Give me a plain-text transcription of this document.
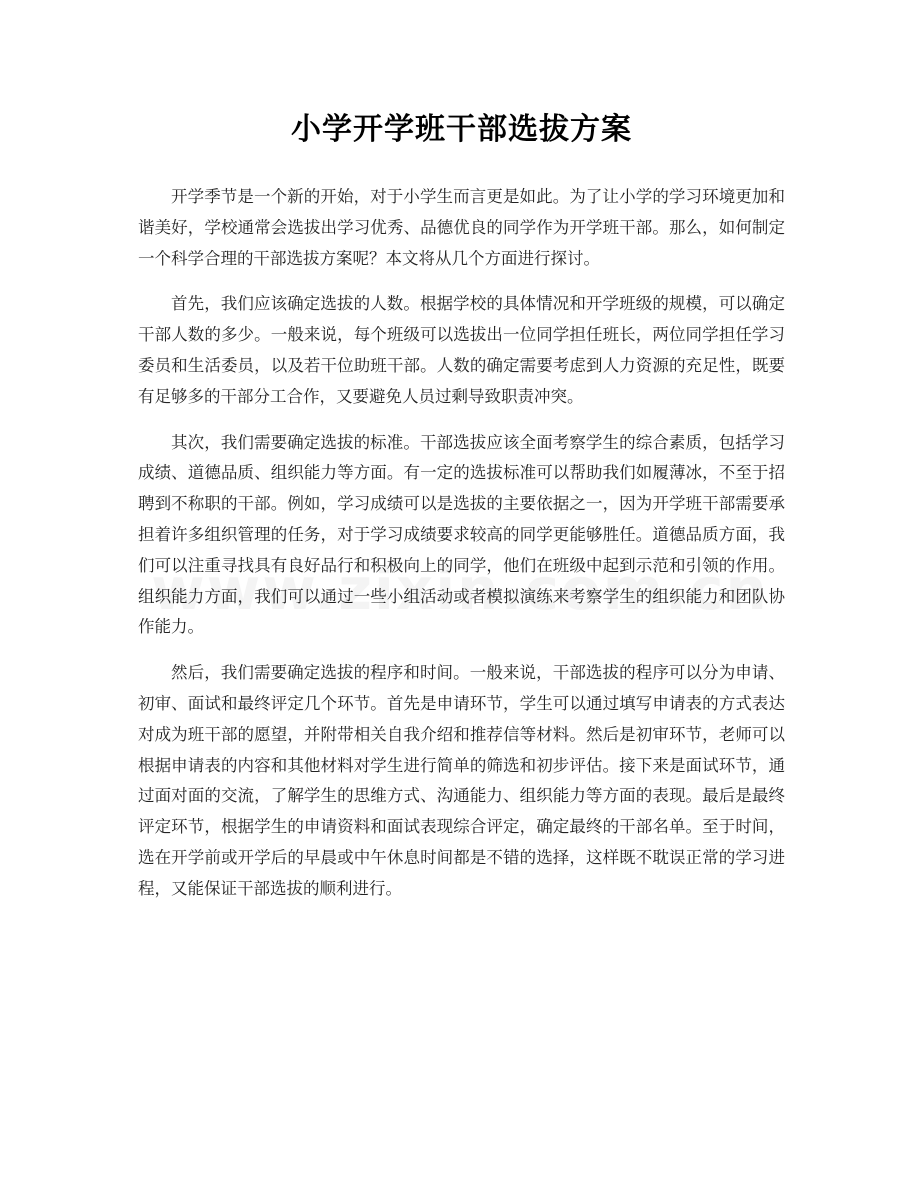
小学开学班干部选拔方案

开学季节是一个新的开始，对于小学生而言更是如此。为了让小学的学习环境更加和谐美好，学校通常会选拔出学习优秀、品德优良的同学作为开学班干部。那么，如何制定一个科学合理的干部选拔方案呢？本文将从几个方面进行探讨。

首先，我们应该确定选拔的人数。根据学校的具体情况和开学班级的规模，可以确定干部人数的多少。一般来说，每个班级可以选拔出一位同学担任班长，两位同学担任学习委员和生活委员，以及若干位助班干部。人数的确定需要考虑到人力资源的充足性，既要有足够多的干部分工合作，又要避免人员过剩导致职责冲突。

其次，我们需要确定选拔的标准。干部选拔应该全面考察学生的综合素质，包括学习成绩、道德品质、组织能力等方面。有一定的选拔标准可以帮助我们如履薄冰，不至于招聘到不称职的干部。例如，学习成绩可以是选拔的主要依据之一，因为开学班干部需要承担着许多组织管理的任务，对于学习成绩要求较高的同学更能够胜任。道德品质方面，我们可以注重寻找具有良好品行和积极向上的同学，他们在班级中起到示范和引领的作用。组织能力方面，我们可以通过一些小组活动或者模拟演练来考察学生的组织能力和团队协作能力。

然后，我们需要确定选拔的程序和时间。一般来说，干部选拔的程序可以分为申请、初审、面试和最终评定几个环节。首先是申请环节，学生可以通过填写申请表的方式表达对成为班干部的愿望，并附带相关自我介绍和推荐信等材料。然后是初审环节，老师可以根据申请表的内容和其他材料对学生进行简单的筛选和初步评估。接下来是面试环节，通过面对面的交流，了解学生的思维方式、沟通能力、组织能力等方面的表现。最后是最终评定环节，根据学生的申请资料和面试表现综合评定，确定最终的干部名单。至于时间，选在开学前或开学后的早晨或中午休息时间都是不错的选择，这样既不耽误正常的学习进程，又能保证干部选拔的顺利进行。
